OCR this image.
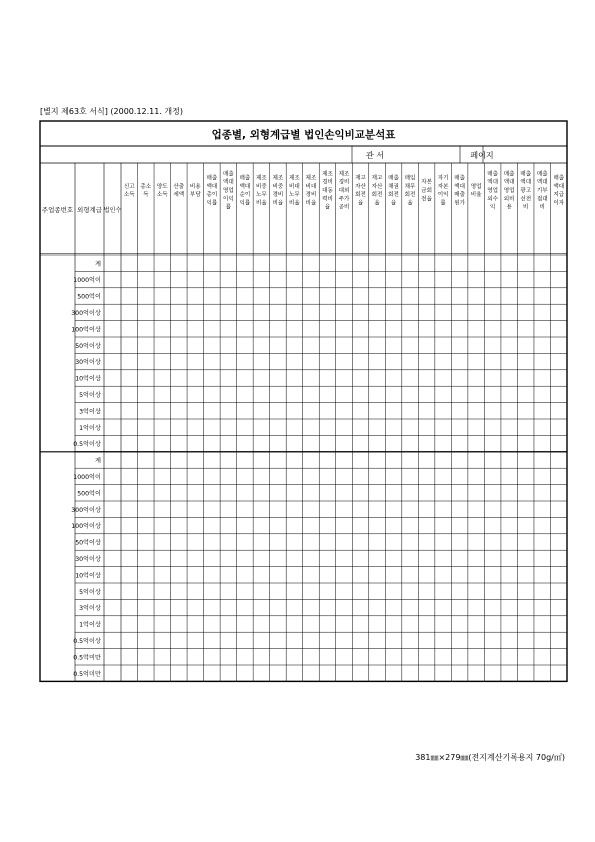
[별지 제63호 서식] (2000.12.11. 개정)
업종별, 외형계급별 법인손익비교분석표
관 서	페이지
주업종번호 외형계급 법인수
신고 소득
총소 득
양도 소득
산출 세액
비용 부담
매출 액대 총이 익률
매출 액대 영업 이익 률
매출 액대 순이 익률
제조 비중 노무 비율
제조 비중 경비 비율
제조 비대 노무 비율
제조 비대 경비 비율
제조 경비 대동 력비 율
제조 경비 대외 주가 공비
재고 자산 회전 율
재고 자산 회전 율
매출 채권 회전 율
매입 채무 회전 율
자본 금회 전율
자기 자본 이익 률
매출 액대 매출 원가
영업 비율
매출 액대 영업 외수 익
매출 액대 영업 외비 용
매출 액대 광고 선전 비
매출 액대 기부 접대 비
매출 액대 지급 이자
계
1000억이
500억이
300억이상
100억이상
50억이상
30억이상
10억이상
5억이상
3억이상
1억이상
0.5억이상
계
1000억이
500억이
300억이상
100억이상
50억이상
30억이상
10억이상
5억이상
3억이상
1억이상
0.5억이상
0.5억미만
0.5억미만
381㎜×279㎜(전지계산기록용지 70g/㎡)
